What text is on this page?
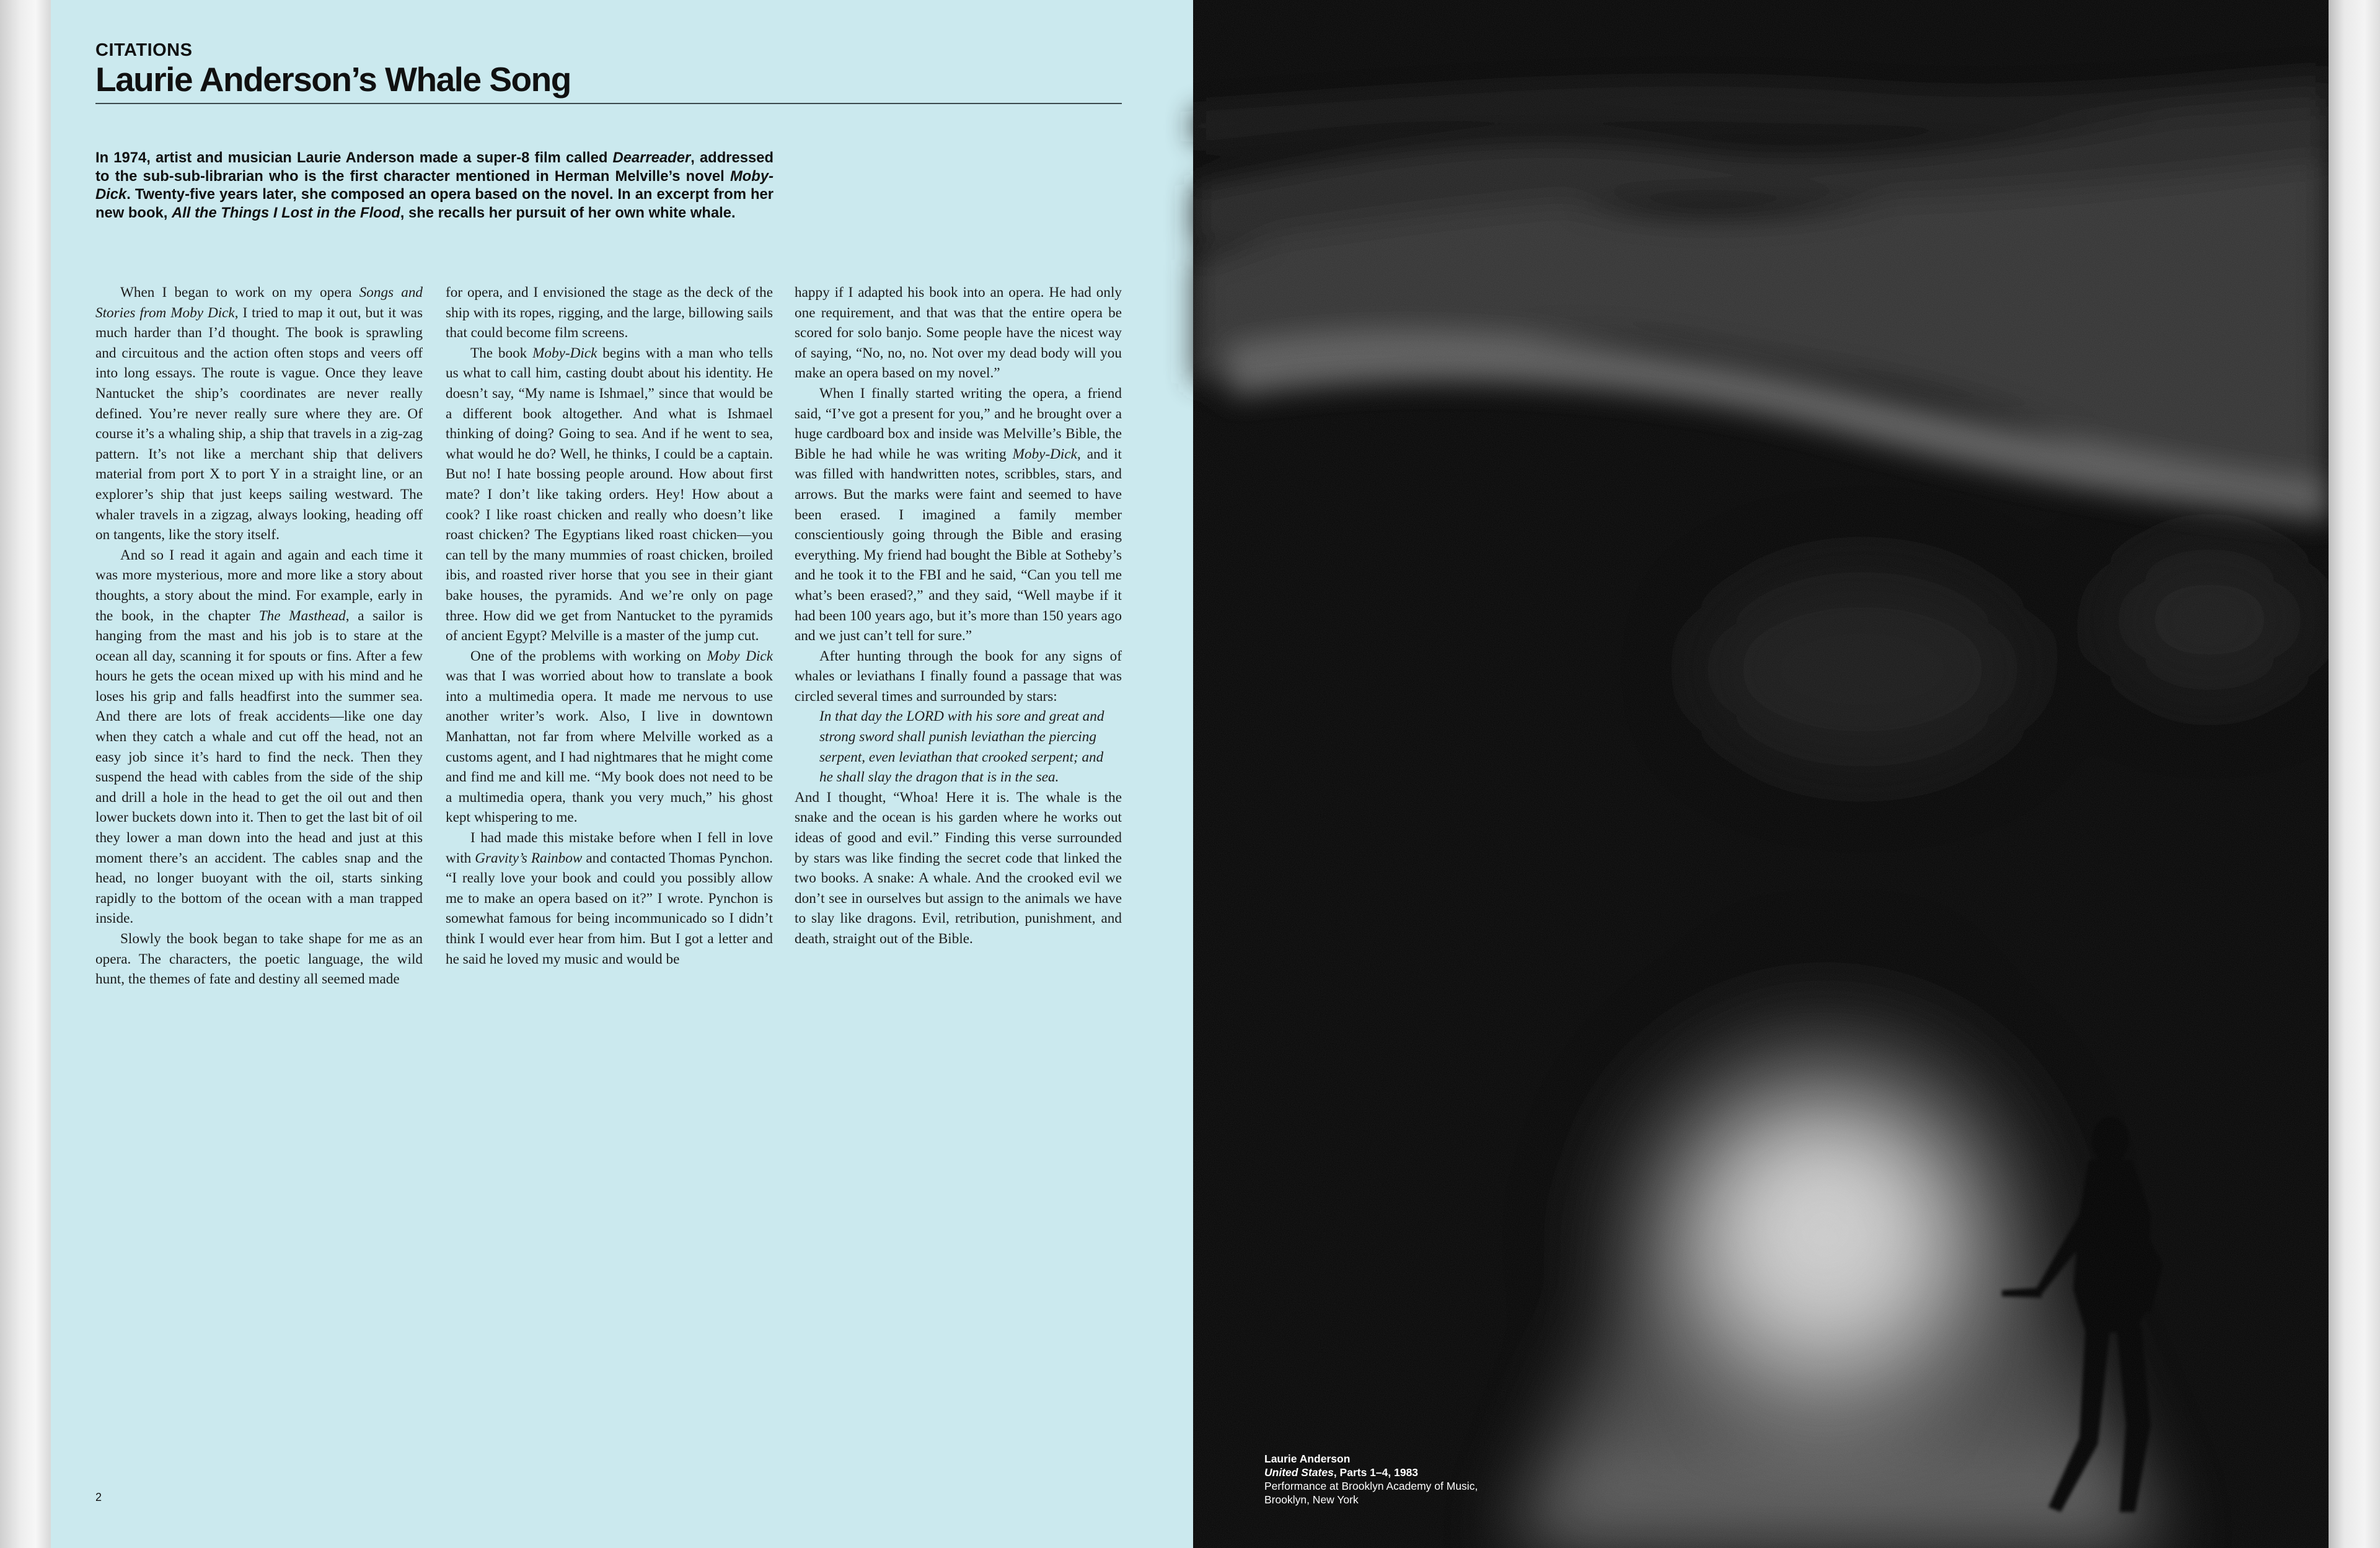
CITATIONS
Laurie Anderson’s Whale Song
In 1974, artist and musician Laurie Anderson made a super-8 film called Dearreader, addressed to the sub-sub-librarian who is the first character mentioned in Herman Melville’s novel Moby-Dick. Twenty-five years later, she composed an opera based on the novel. In an excerpt from her new book, All the Things I Lost in the Flood, she recalls her pursuit of her own white whale.

When I began to work on my opera Songs and Stories from Moby Dick, I tried to map it out, but it was much harder than I’d thought. The book is sprawling and circuitous and the action often stops and veers off into long essays. The route is vague. Once they leave Nantucket the ship’s coordinates are never really defined. You’re never really sure where they are. Of course it’s a whaling ship, a ship that travels in a zig-zag pattern. It’s not like a merchant ship that delivers material from port X to port Y in a straight line, or an explorer’s ship that just keeps sailing westward. The whaler travels in a zigzag, always looking, heading off on tangents, like the story itself.

And so I read it again and again and each time it was more mysterious, more and more like a story about thoughts, a story about the mind. For example, early in the book, in the chapter The Masthead, a sailor is hanging from the mast and his job is to stare at the ocean all day, scanning it for spouts or fins. After a few hours he gets the ocean mixed up with his mind and he loses his grip and falls headfirst into the summer sea. And there are lots of freak accidents—like one day when they catch a whale and cut off the head, not an easy job since it’s hard to find the neck. Then they suspend the head with cables from the side of the ship and drill a hole in the head to get the oil out and then lower buckets down into it. Then to get the last bit of oil they lower a man down into the head and just at this moment there’s an accident. The cables snap and the head, no longer buoyant with the oil, starts sinking rapidly to the bottom of the ocean with a man trapped inside.

Slowly the book began to take shape for me as an opera. The characters, the poetic language, the wild hunt, the themes of fate and destiny all seemed made

for opera, and I envisioned the stage as the deck of the ship with its ropes, rigging, and the large, billowing sails that could become film screens.

The book Moby-Dick begins with a man who tells us what to call him, casting doubt about his identity. He doesn’t say, “My name is Ishmael,” since that would be a different book altogether. And what is Ishmael thinking of doing? Going to sea. And if he went to sea, what would he do? Well, he thinks, I could be a captain. But no! I hate bossing people around. How about first mate? I don’t like taking orders. Hey! How about a cook? I like roast chicken and really who doesn’t like roast chicken? The Egyptians liked roast chicken—you can tell by the many mummies of roast chicken, broiled ibis, and roasted river horse that you see in their giant bake houses, the pyramids. And we’re only on page three. How did we get from Nantucket to the pyramids of ancient Egypt? Melville is a master of the jump cut.

One of the problems with working on Moby Dick was that I was worried about how to translate a book into a multimedia opera. It made me nervous to use another writer’s work. Also, I live in downtown Manhattan, not far from where Melville worked as a customs agent, and I had nightmares that he might come and find me and kill me. “My book does not need to be a multimedia opera, thank you very much,” his ghost kept whispering to me.

I had made this mistake before when I fell in love with Gravity’s Rainbow and contacted Thomas Pynchon. “I really love your book and could you possibly allow me to make an opera based on it?” I wrote. Pynchon is somewhat famous for being incommunicado so I didn’t think I would ever hear from him. But I got a letter and he said he loved my music and would be

happy if I adapted his book into an opera. He had only one requirement, and that was that the entire opera be scored for solo banjo. Some people have the nicest way of saying, “No, no, no. Not over my dead body will you make an opera based on my novel.”

When I finally started writing the opera, a friend said, “I’ve got a present for you,” and he brought over a huge cardboard box and inside was Melville’s Bible, the Bible he had while he was writing Moby-Dick, and it was filled with handwritten notes, scribbles, stars, and arrows. But the marks were faint and seemed to have been erased. I imagined a family member conscientiously going through the Bible and erasing everything. My friend had bought the Bible at Sotheby’s and he took it to the FBI and he said, “Can you tell me what’s been erased?,” and they said, “Well maybe if it had been 100 years ago, but it’s more than 150 years ago and we just can’t tell for sure.”

After hunting through the book for any signs of whales or leviathans I finally found a passage that was circled several times and surrounded by stars:

In that day the LORD with his sore and great and
strong sword shall punish leviathan the piercing
serpent, even leviathan that crooked serpent; and
he shall slay the dragon that is in the sea.

And I thought, “Whoa! Here it is. The whale is the snake and the ocean is his garden where he works out ideas of good and evil.” Finding this verse surrounded by stars was like finding the secret code that linked the two books. A snake: A whale. And the crooked evil we don’t see in ourselves but assign to the animals we have to slay like dragons. Evil, retribution, punishment, and death, straight out of the Bible.

2
Laurie Anderson
United States, Parts 1–4, 1983
Performance at Brooklyn Academy of Music,
Brooklyn, New York
